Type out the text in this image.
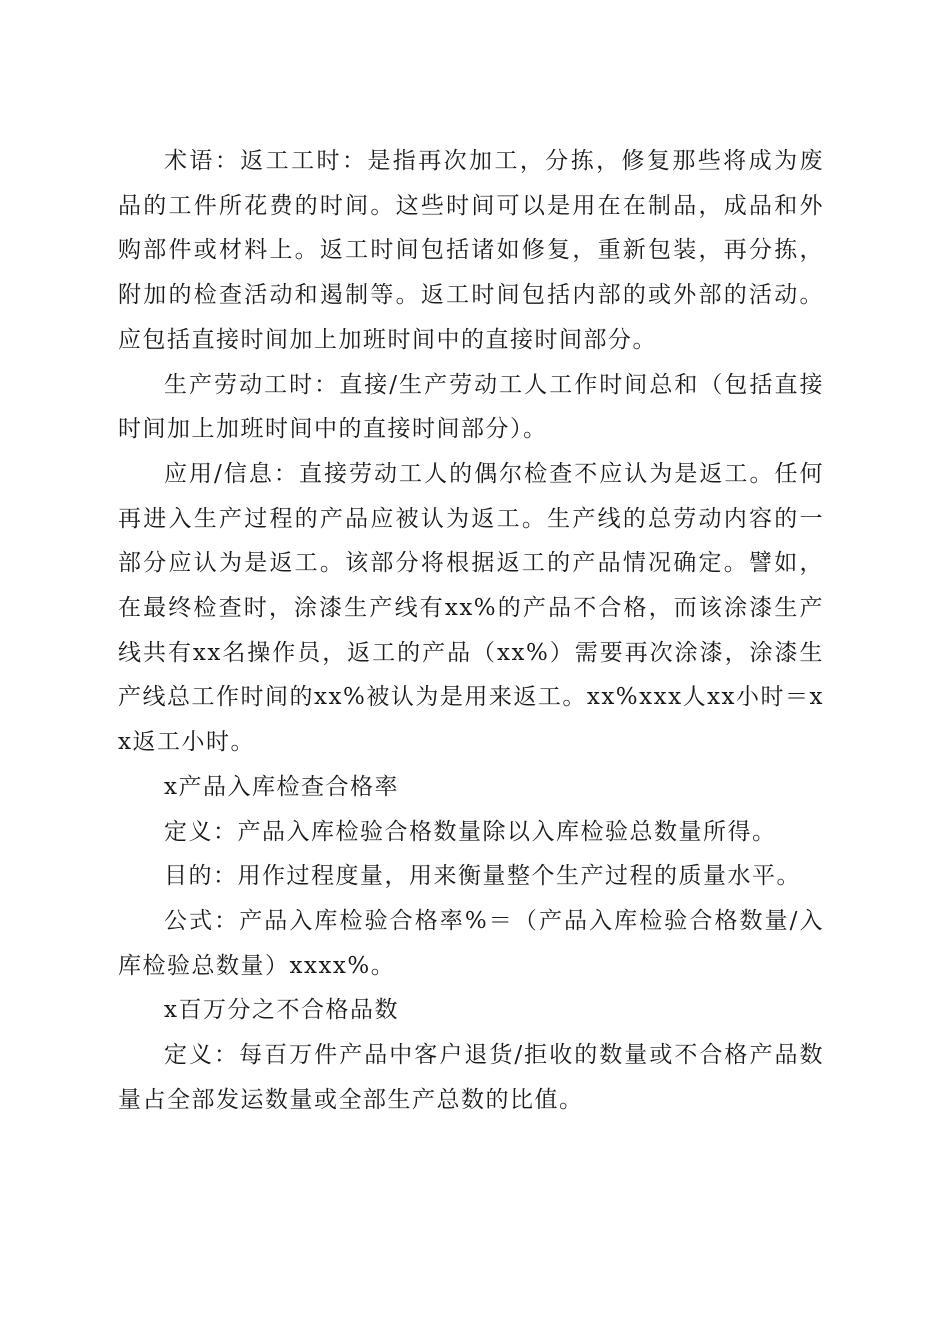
术语：返工工时：是指再次加工，分拣，修复那些将成为废品的工件所花费的时间。这些时间可以是用在在制品，成品和外购部件或材料上。返工时间包括诸如修复，重新包装，再分拣，附加的检查活动和遏制等。返工时间包括内部的或外部的活动。应包括直接时间加上加班时间中的直接时间部分。

生产劳动工时：直接/生产劳动工人工作时间总和（包括直接时间加上加班时间中的直接时间部分）。

应用/信息：直接劳动工人的偶尔检查不应认为是返工。任何再进入生产过程的产品应被认为返工。生产线的总劳动内容的一部分应认为是返工。该部分将根据返工的产品情况确定。譬如，在最终检查时，涂漆生产线有xx%的产品不合格，而该涂漆生产线共有xx名操作员，返工的产品（xx%）需要再次涂漆，涂漆生产线总工作时间的xx%被认为是用来返工。xx%xxx人xx小时＝xx返工小时。

x产品入库检查合格率

定义：产品入库检验合格数量除以入库检验总数量所得。

目的：用作过程度量，用来衡量整个生产过程的质量水平。

公式：产品入库检验合格率%＝（产品入库检验合格数量/入库检验总数量）xxxx%。

x百万分之不合格品数

定义：每百万件产品中客户退货/拒收的数量或不合格产品数量占全部发运数量或全部生产总数的比值。
